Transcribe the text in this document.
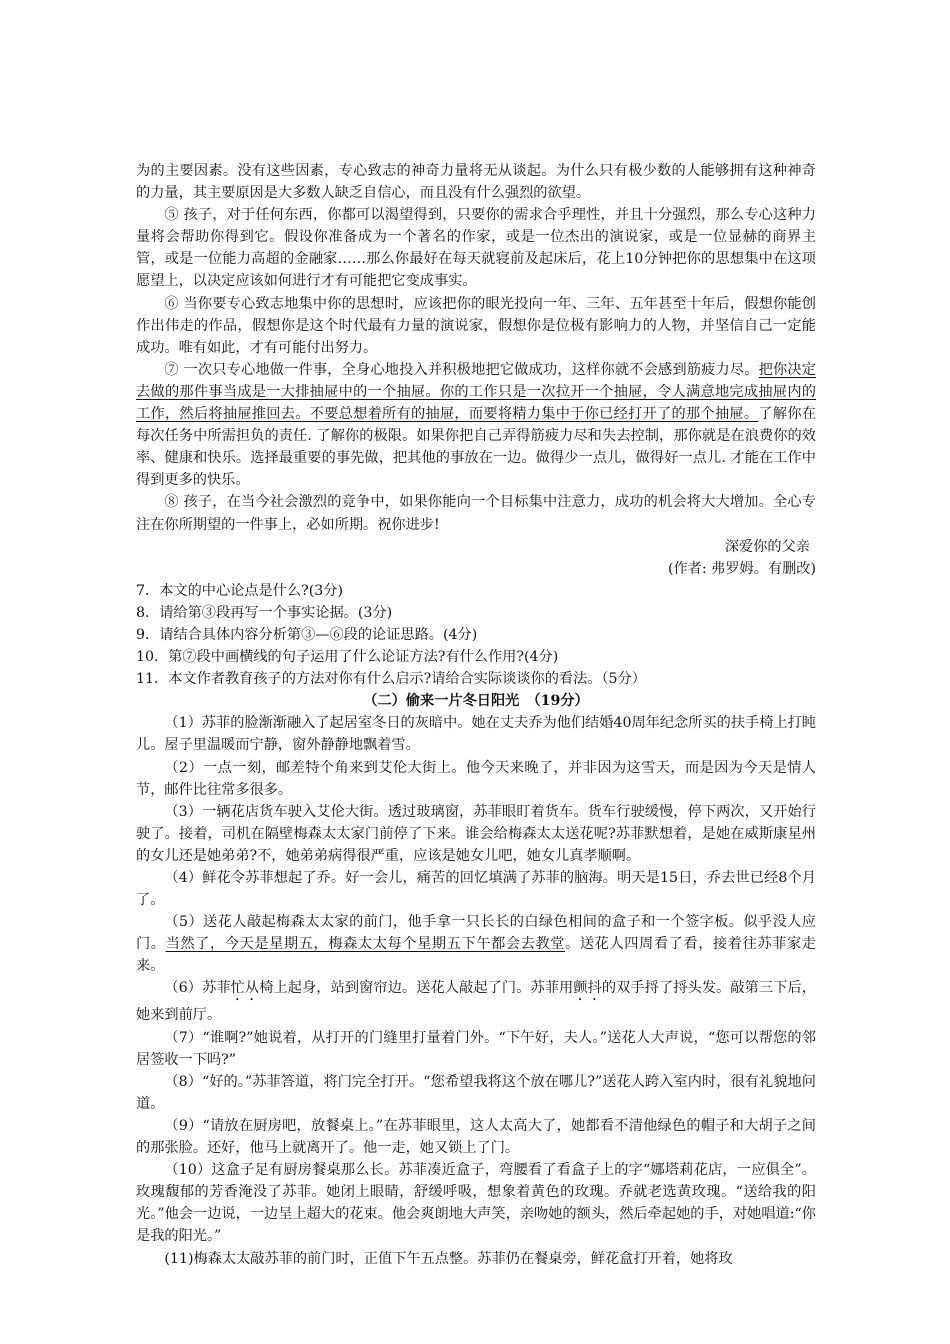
为的主要因素。没有这些因素，专心致志的神奇力量将无从谈起。为什么只有极少数的人能够拥有这种神奇的力量，其主要原因是大多数人缺乏自信心，而且没有什么强烈的欲望。

⑤ 孩子，对于任何东西，你都可以渴望得到，只要你的需求合乎理性，并且十分强烈，那么专心这种力量将会帮助你得到它。假设你准备成为一个著名的作家，或是一位杰出的演说家，或是一位显赫的商界主管，或是一位能力高超的金融家……那么你最好在每天就寝前及起床后，花上10分钟把你的思想集中在这项愿望上，以决定应该如何进行才有可能把它变成事实。

⑥ 当你要专心致志地集中你的思想时，应该把你的眼光投向一年、三年、五年甚至十年后，假想你能创作出伟走的作品，假想你是这个时代最有力量的演说家，假想你是位极有影响力的人物，并坚信自己一定能成功。唯有如此，才有可能付出努力。

⑦ 一次只专心地做一件事，全身心地投入并积极地把它做成功，这样你就不会感到筋疲力尽。把你决定去做的那件事当成是一大排抽屉中的一个抽屉。你的工作只是一次拉开一个抽屉，令人满意地完成抽屉内的工作，然后将抽屉推回去。不要总想着所有的抽屉，而要将精力集中于你已经打开了的那个抽屉。了解你在每次任务中所需担负的责任. 了解你的极限。如果你把自己弄得筋疲力尽和失去控制，那你就是在浪费你的效率、健康和快乐。选择最重要的事先做，把其他的事放在一边。做得少一点儿，做得好一点儿. 才能在工作中得到更多的快乐。

⑧ 孩子，在当今社会激烈的竞争中，如果你能向一个目标集中注意力，成功的机会将大大增加。全心专注在你所期望的一件事上，必如所期。祝你进步!

深爱你的父亲

(作者: 弗罗姆。有删改)

7．本文的中心论点是什么?(3分)

8．请给第③段再写一个事实论据。(3分)

9．请结合具体内容分析第③—⑥段的论证思路。(4分)

10．第⑦段中画横线的句子运用了什么论证方法?有什么作用?(4分)

11．本文作者教育孩子的方法对你有什么启示?请给合实际谈谈你的看法。（5分）

（二）偷来一片冬日阳光　（19分）

（1）苏菲的脸渐渐融入了起居室冬日的灰暗中。她在丈夫乔为他们结婚40周年纪念所买的扶手椅上打盹儿。屋子里温暖而宁静，窗外静静地飘着雪。

（2）一点一刻，邮差特个角来到艾伦大街上。他今天来晚了，并非因为这雪天，而是因为今天是情人节，邮件比往常多很多。

（3）一辆花店货车驶入艾伦大街。透过玻璃窗，苏菲眼盯着货车。货车行驶缓慢，停下两次，又开始行驶了。接着，司机在隔壁梅森太太家门前停了下来。谁会给梅森太太送花呢?苏菲默想着，是她在威斯康星州的女儿还是她弟弟?不，她弟弟病得很严重，应该是她女儿吧，她女儿真孝顺啊。

（4）鲜花令苏菲想起了乔。好一会儿，痛苦的回忆填满了苏菲的脑海。明天是15日，乔去世已经8个月了。

（5）送花人敲起梅森太太家的前门，他手拿一只长长的白绿色相间的盒子和一个签字板。似乎没人应门。当然了，今天是星期五，梅森太太每个星期五下午都会去教堂。送花人四周看了看，接着往苏菲家走来。

（6）苏菲忙从椅上起身，站到窗帘边。送花人敲起了门。苏菲用颤抖的双手捋了捋头发。敲第三下后，她来到前厅。

（7）“谁啊?”她说着，从打开的门缝里打量着门外。“下午好，夫人。”送花人大声说，“您可以帮您的邻居签收一下吗?”

（8）“好的。”苏菲答道，将门完全打开。“您希望我将这个放在哪儿?”送花人跨入室内时，很有礼貌地问道。

（9）“请放在厨房吧，放餐桌上。”在苏菲眼里，这人太高大了，她都看不清他绿色的帽子和大胡子之间的那张脸。还好，他马上就离开了。他一走，她又锁上了门。

（10）这盒子足有厨房餐桌那么长。苏菲凑近盒子，弯腰看了看盒子上的字“娜塔莉花店，一应俱全”。玫瑰馥郁的芳香淹没了苏菲。她闭上眼睛，舒缓呼吸，想象着黄色的玫瑰。乔就老选黄玫瑰。“送给我的阳光。”他会一边说，一边呈上超大的花束。他会爽朗地大声笑，亲吻她的额头，然后牵起她的手，对她唱道:“你是我的阳光。”

(11)梅森太太敲苏菲的前门时，正值下午五点整。苏菲仍在餐桌旁，鲜花盒打开着，她将玫
